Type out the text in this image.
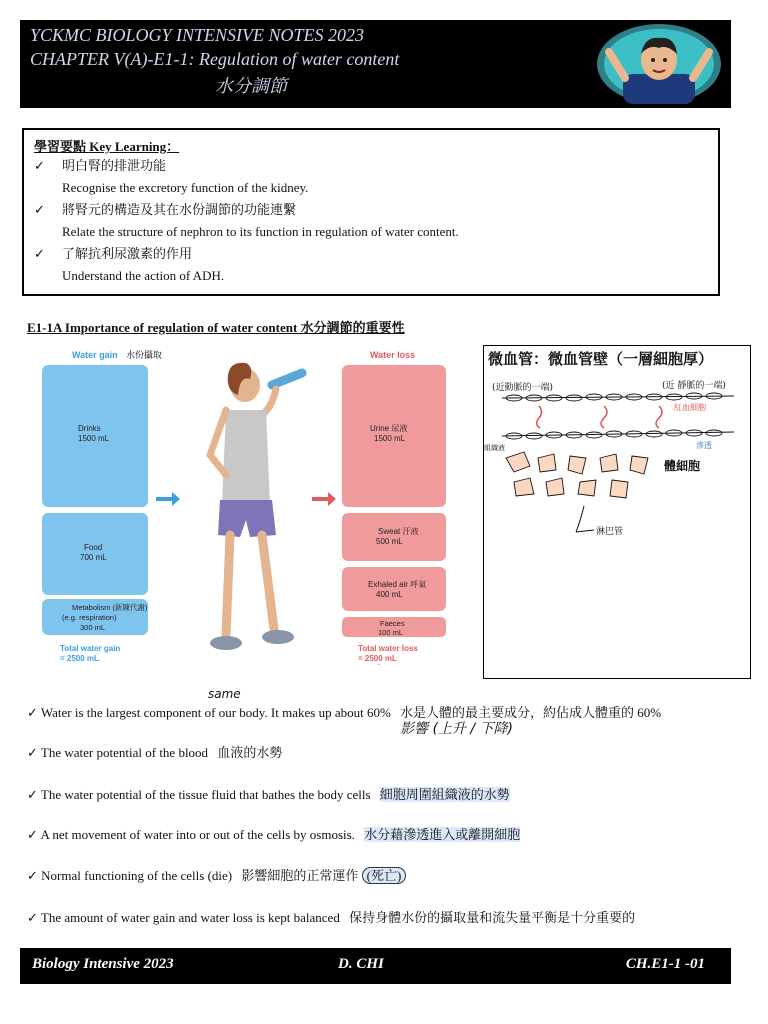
YCKMC BIOLOGY INTENSIVE NOTES 2023
CHAPTER V(A)-E1-1: Regulation of water content
水分調節
學習要點 Key Learning：
✓	明白腎的排泄功能
Recognise the excretory function of the kidney.
✓	將腎元的構造及其在水份調節的功能連繫
Relate the structure of nephron to its function in regulation of water content.
✓	了解抗利尿激素的作用
Understand the action of ADH.
E1-1A Importance of regulation of water content 水分調節的重要性
Water gain 水份攝取	Water loss
Drinks
1500 mL
Food
700 mL
Metabolism (新陳代謝)
(e.g. respiration)
300 mL
Total water gain
= 2500 mL
Urine 尿液
1500 mL
Sweat 汗液
500 mL
Exhaled air 呼氣
400 mL
Faeces
100 mL
Total water loss
= 2500 mL
微血管：微血管壁（一層細胞厚）
(近動脈的一端)	(近 靜脈的一端)
紅血細胞
組織液	滲透
體細胞
淋巴管
same
✓ Water is the largest component of our body. It makes up about 60% 水是人體的最主要成分，約佔成人體重的 60%
影響 (上升 / 下降)
✓ The water potential of the blood 血液的水勢
✓ The water potential of the tissue fluid that bathes the body cells 細胞周圍組織液的水勢
✓ A net movement of water into or out of the cells by osmosis. 水分藉滲透進入或離開細胞
✓ Normal functioning of the cells (die) 影響細胞的正常運作 (死亡)
✓ The amount of water gain and water loss is kept balanced 保持身體水份的攝取量和流失量平衡是十分重要的
Biology Intensive 2023	D. CHI	CH.E1-1 -01
